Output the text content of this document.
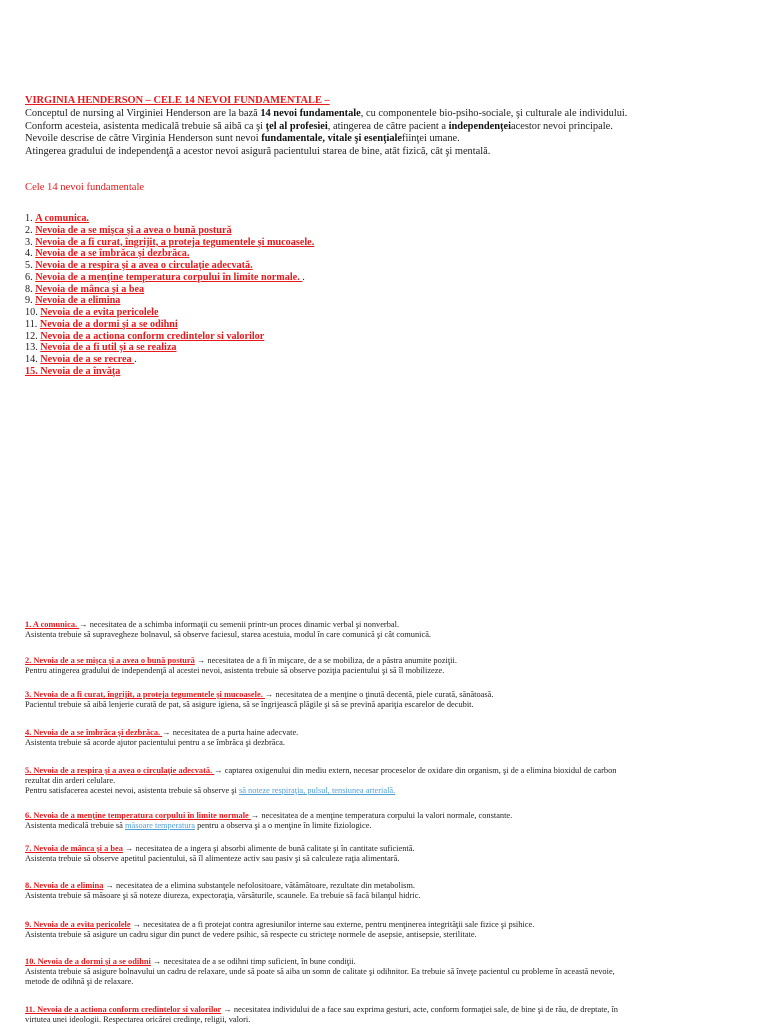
VIRGINIA HENDERSON – CELE 14 NEVOI FUNDAMENTALE –
Conceptul de nursing al Virginiei Henderson are la bază 14 nevoi fundamentale, cu componentele bio-psiho-sociale, şi culturale ale individului.
Conform acesteia, asistenta medicală trebuie să aibă ca şi ţel al profesiei, atingerea de către pacient a independenţeiacestor nevoi principale.
Nevoile descrise de către Virginia Henderson sunt nevoi fundamentale, vitale şi esenţialefiinţei umane.
Atingerea gradului de independenţă a acestor nevoi asigură pacientului starea de bine, atât fizică, cât şi mentală.
Cele 14 nevoi fundamentale
1. A comunica.
2. Nevoia de a se mişca şi a avea o bună postură
3. Nevoia de a fi curat, îngrijit, a proteja tegumentele şi mucoasele.
4. Nevoia de a se îmbrăca şi dezbrăca.
5. Nevoia de a respira şi a avea o circulaţie adecvată.
6. Nevoia de a menţine temperatura corpului în limite normale. .
8. Nevoia de mânca şi a bea
9. Nevoia de a elimina
10. Nevoia de a evita pericolele
11. Nevoia de a dormi şi a se odihni
12. Nevoia de a actiona conform credintelor si valorilor
13. Nevoia de a fi util şi a se realiza
14. Nevoia de a se recrea .
15. Nevoia de a învăţa
1. A comunica. → necesitatea de a schimba informaţii cu semenii printr-un proces dinamic verbal şi nonverbal.
Asistenta trebuie să supravegheze bolnavul, să observe faciesul, starea acestuia, modul în care comunică şi cât comunică.
2. Nevoia de a se mişca şi a avea o bună postură → necesitatea de a fi în mişcare, de a se mobiliza, de a păstra anumite poziţii.
Pentru atingerea gradului de independenţă al acestei nevoi, asistenta trebuie să observe poziţia pacientului şi să îl mobilizeze.
3. Nevoia de a fi curat, îngrijit, a proteja tegumentele şi mucoasele. → necesitatea de a menţine o ţinută decentă, piele curată, sănătoasă.
Pacientul trebuie să aibă lenjerie curată de pat, să asigure igiena, să se îngrijească plăgile şi să se prevină apariţia escarelor de decubit.
4. Nevoia de a se îmbrăca şi dezbrăca. → necesitatea de a purta haine adecvate.
Asistenta trebuie să acorde ajutor pacientului pentru a se îmbrăca şi dezbrăca.
5. Nevoia de a respira şi a avea o circulaţie adecvată. → captarea oxigenului din mediu extern, necesar proceselor de oxidare din organism, şi de a elimina bioxidul de carbon
rezultat din arderi celulare.
Pentru satisfacerea acestei nevoi, asistenta trebuie să observe şi să noteze respiraţia, pulsul, tensiunea arterială.
6. Nevoia de a menţine temperatura corpului în limite normale → necesitatea de a menţine temperatura corpului la valori normale, constante.
Asistenta medicală trebuie să măsoare temperatura pentru a observa şi a o menţine în limite fiziologice.
7. Nevoia de mânca şi a bea → necesitatea de a ingera şi absorbi alimente de bună calitate şi în cantitate suficientă.
Asistenta trebuie să observe apetitul pacientului, să îl alimenteze activ sau pasiv şi să calculeze raţia alimentară.
8. Nevoia de a elimina → necesitatea de a elimina substanţele nefolositoare, vătămătoare, rezultate din metabolism.
Asistenta trebuie să măsoare şi să noteze diureza, expectoraţia, vărsăturile, scaunele. Ea trebuie să facă bilanţul hidric.
9. Nevoia de a evita pericolele → necesitatea de a fi protejat contra agresiunilor interne sau externe, pentru menţinerea integrităţii sale fizice şi psihice.
Asistenta trebuie să asigure un cadru sigur din punct de vedere psihic, să respecte cu stricteţe normele de asepsie, antisepsie, sterilitate.
10. Nevoia de a dormi şi a se odihni → necesitatea de a se odihni timp suficient, în bune condiţii.
Asistenta trebuie să asigure bolnavului un cadru de relaxare, unde să poate să aiba un somn de calitate şi odihnitor. Ea trebuie să înveţe pacientul cu probleme în această nevoie,
metode de odihnă şi de relaxare.
11. Nevoia de a actiona conform credintelor si valorilor → necesitatea individului de a face sau exprima gesturi, acte, conform formaţiei sale, de bine şi de rău, de dreptate, în
virtutea unei ideologii. Respectarea oricărei credinţe, religii, valori.
